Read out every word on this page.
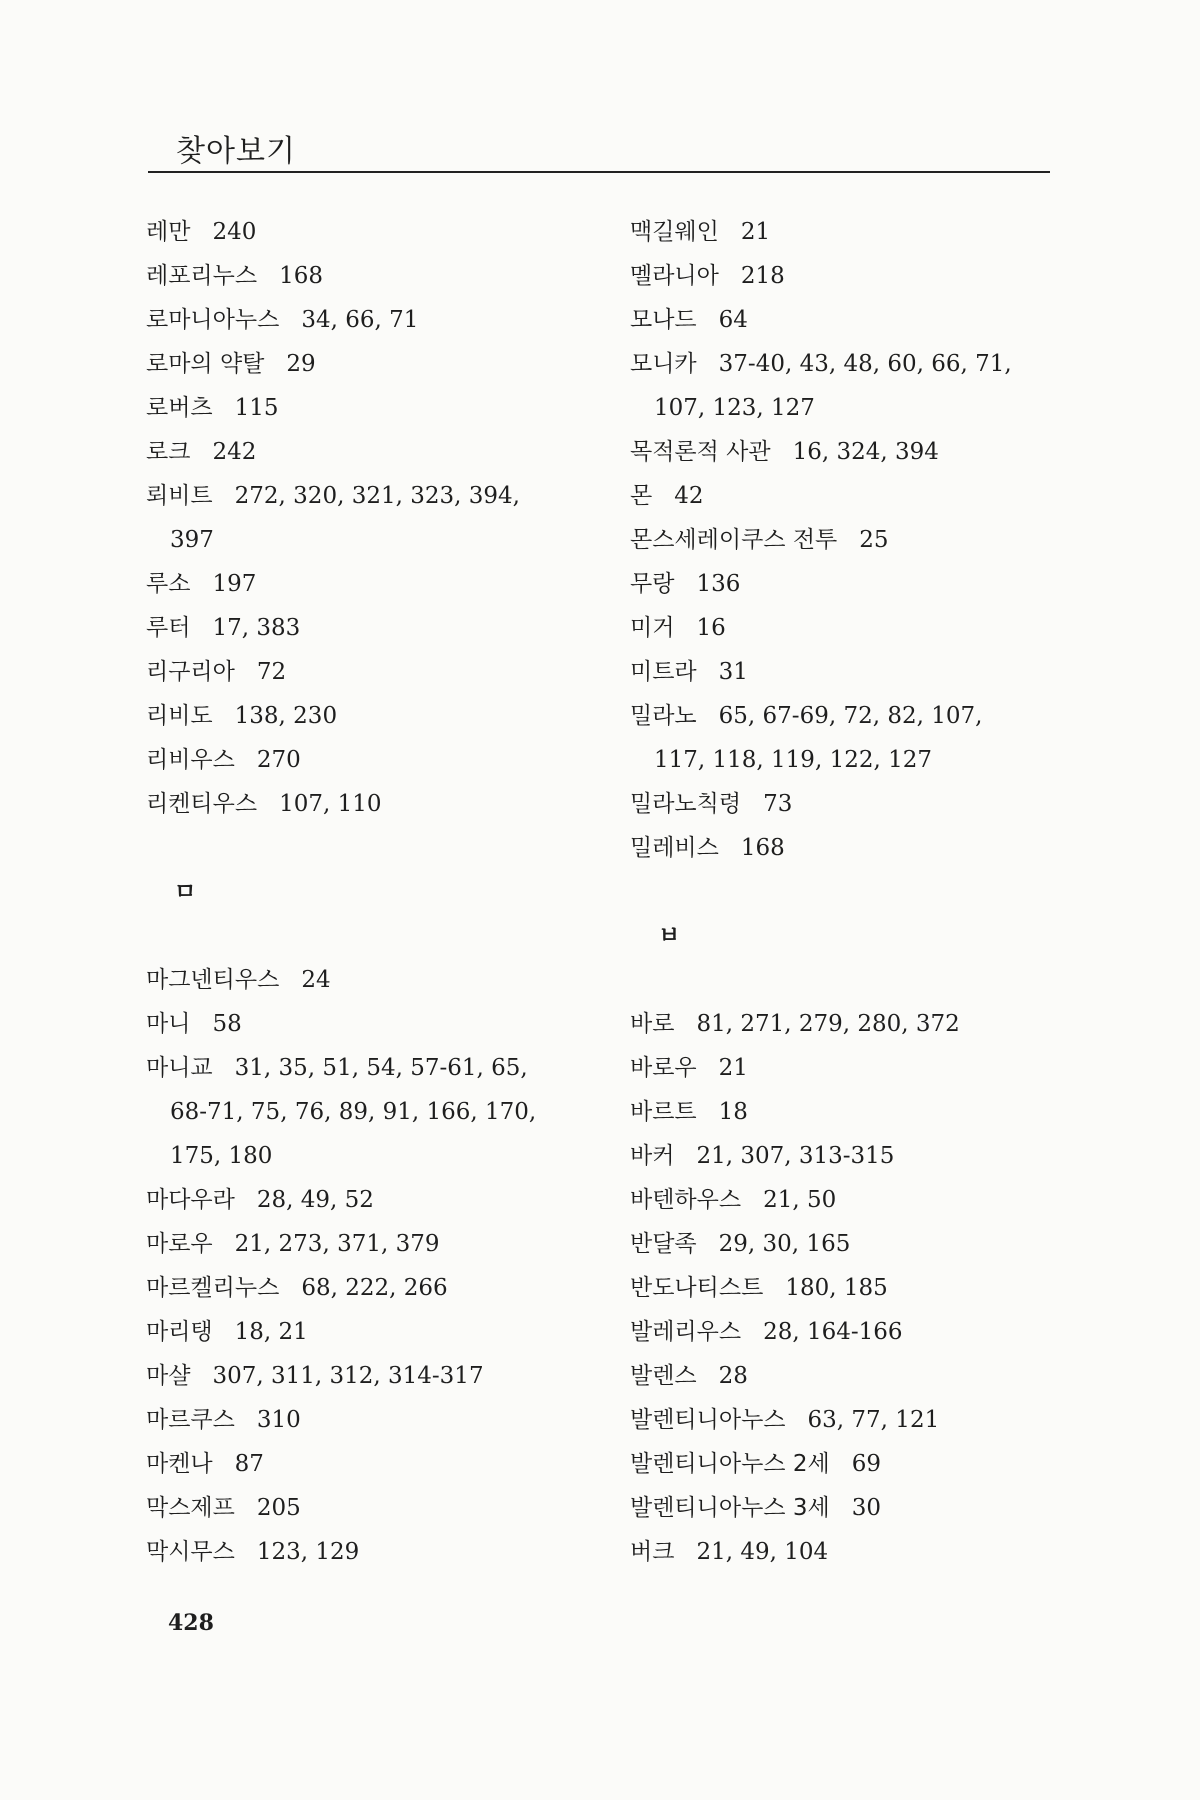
찾아보기
레만 240
레포리누스 168
로마니아누스 34, 66, 71
로마의 약탈 29
로버츠 115
로크 242
뢰비트 272, 320, 321, 323, 394,
397
루소 197
루터 17, 383
리구리아 72
리비도 138, 230
리비우스 270
리켄티우스 107, 110
ㅁ
마그넨티우스 24
마니 58
마니교 31, 35, 51, 54, 57-61, 65,
68-71, 75, 76, 89, 91, 166, 170,
175, 180
마다우라 28, 49, 52
마로우 21, 273, 371, 379
마르켈리누스 68, 222, 266
마리탱 18, 21
마샬 307, 311, 312, 314-317
마르쿠스 310
마켄나 87
막스제프 205
막시무스 123, 129
맥길웨인 21
멜라니아 218
모나드 64
모니카 37-40, 43, 48, 60, 66, 71,
107, 123, 127
목적론적 사관 16, 324, 394
몬 42
몬스세레이쿠스 전투 25
무랑 136
미거 16
미트라 31
밀라노 65, 67-69, 72, 82, 107,
117, 118, 119, 122, 127
밀라노칙령 73
밀레비스 168
ㅂ
바로 81, 271, 279, 280, 372
바로우 21
바르트 18
바커 21, 307, 313-315
바텐하우스 21, 50
반달족 29, 30, 165
반도나티스트 180, 185
발레리우스 28, 164-166
발렌스 28
발렌티니아누스 63, 77, 121
발렌티니아누스 2세 69
발렌티니아누스 3세 30
버크 21, 49, 104
428
